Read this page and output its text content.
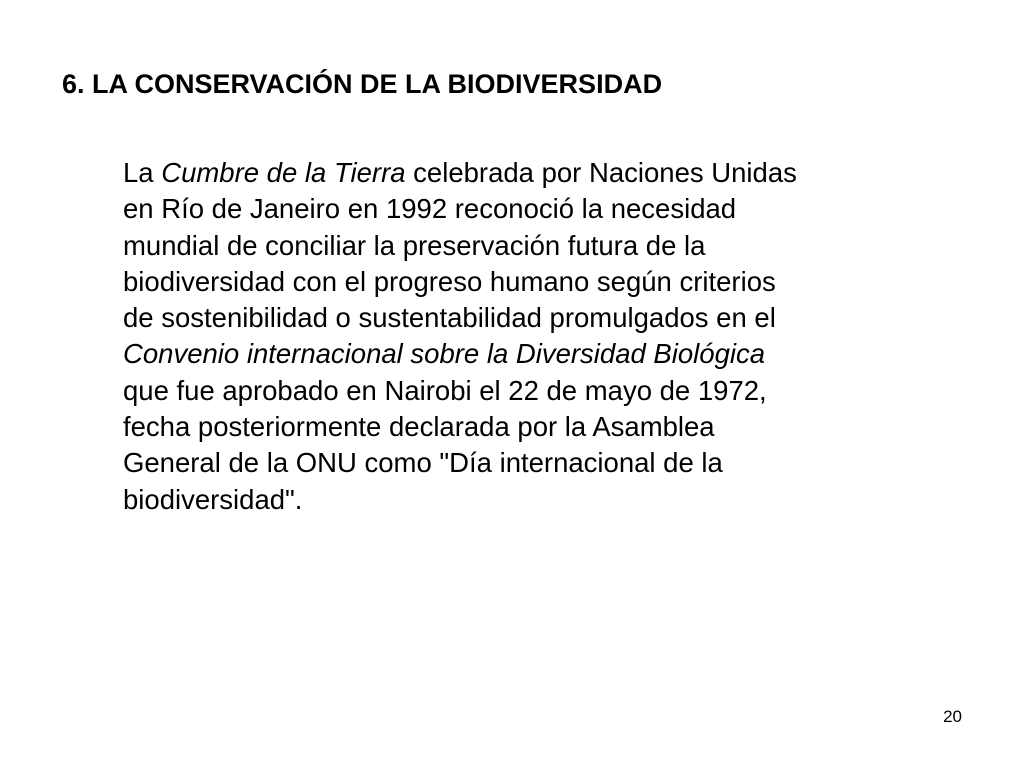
6. LA CONSERVACIÓN DE LA BIODIVERSIDAD
La Cumbre de la Tierra celebrada por Naciones Unidas
en Río de Janeiro en 1992 reconoció la necesidad
mundial de conciliar la preservación futura de la
biodiversidad con el progreso humano según criterios
de sostenibilidad o sustentabilidad promulgados en el
Convenio internacional sobre la Diversidad Biológica
que fue aprobado en Nairobi el 22 de mayo de 1972,
fecha posteriormente declarada por la Asamblea
General de la ONU como "Día internacional de la
biodiversidad".
20
